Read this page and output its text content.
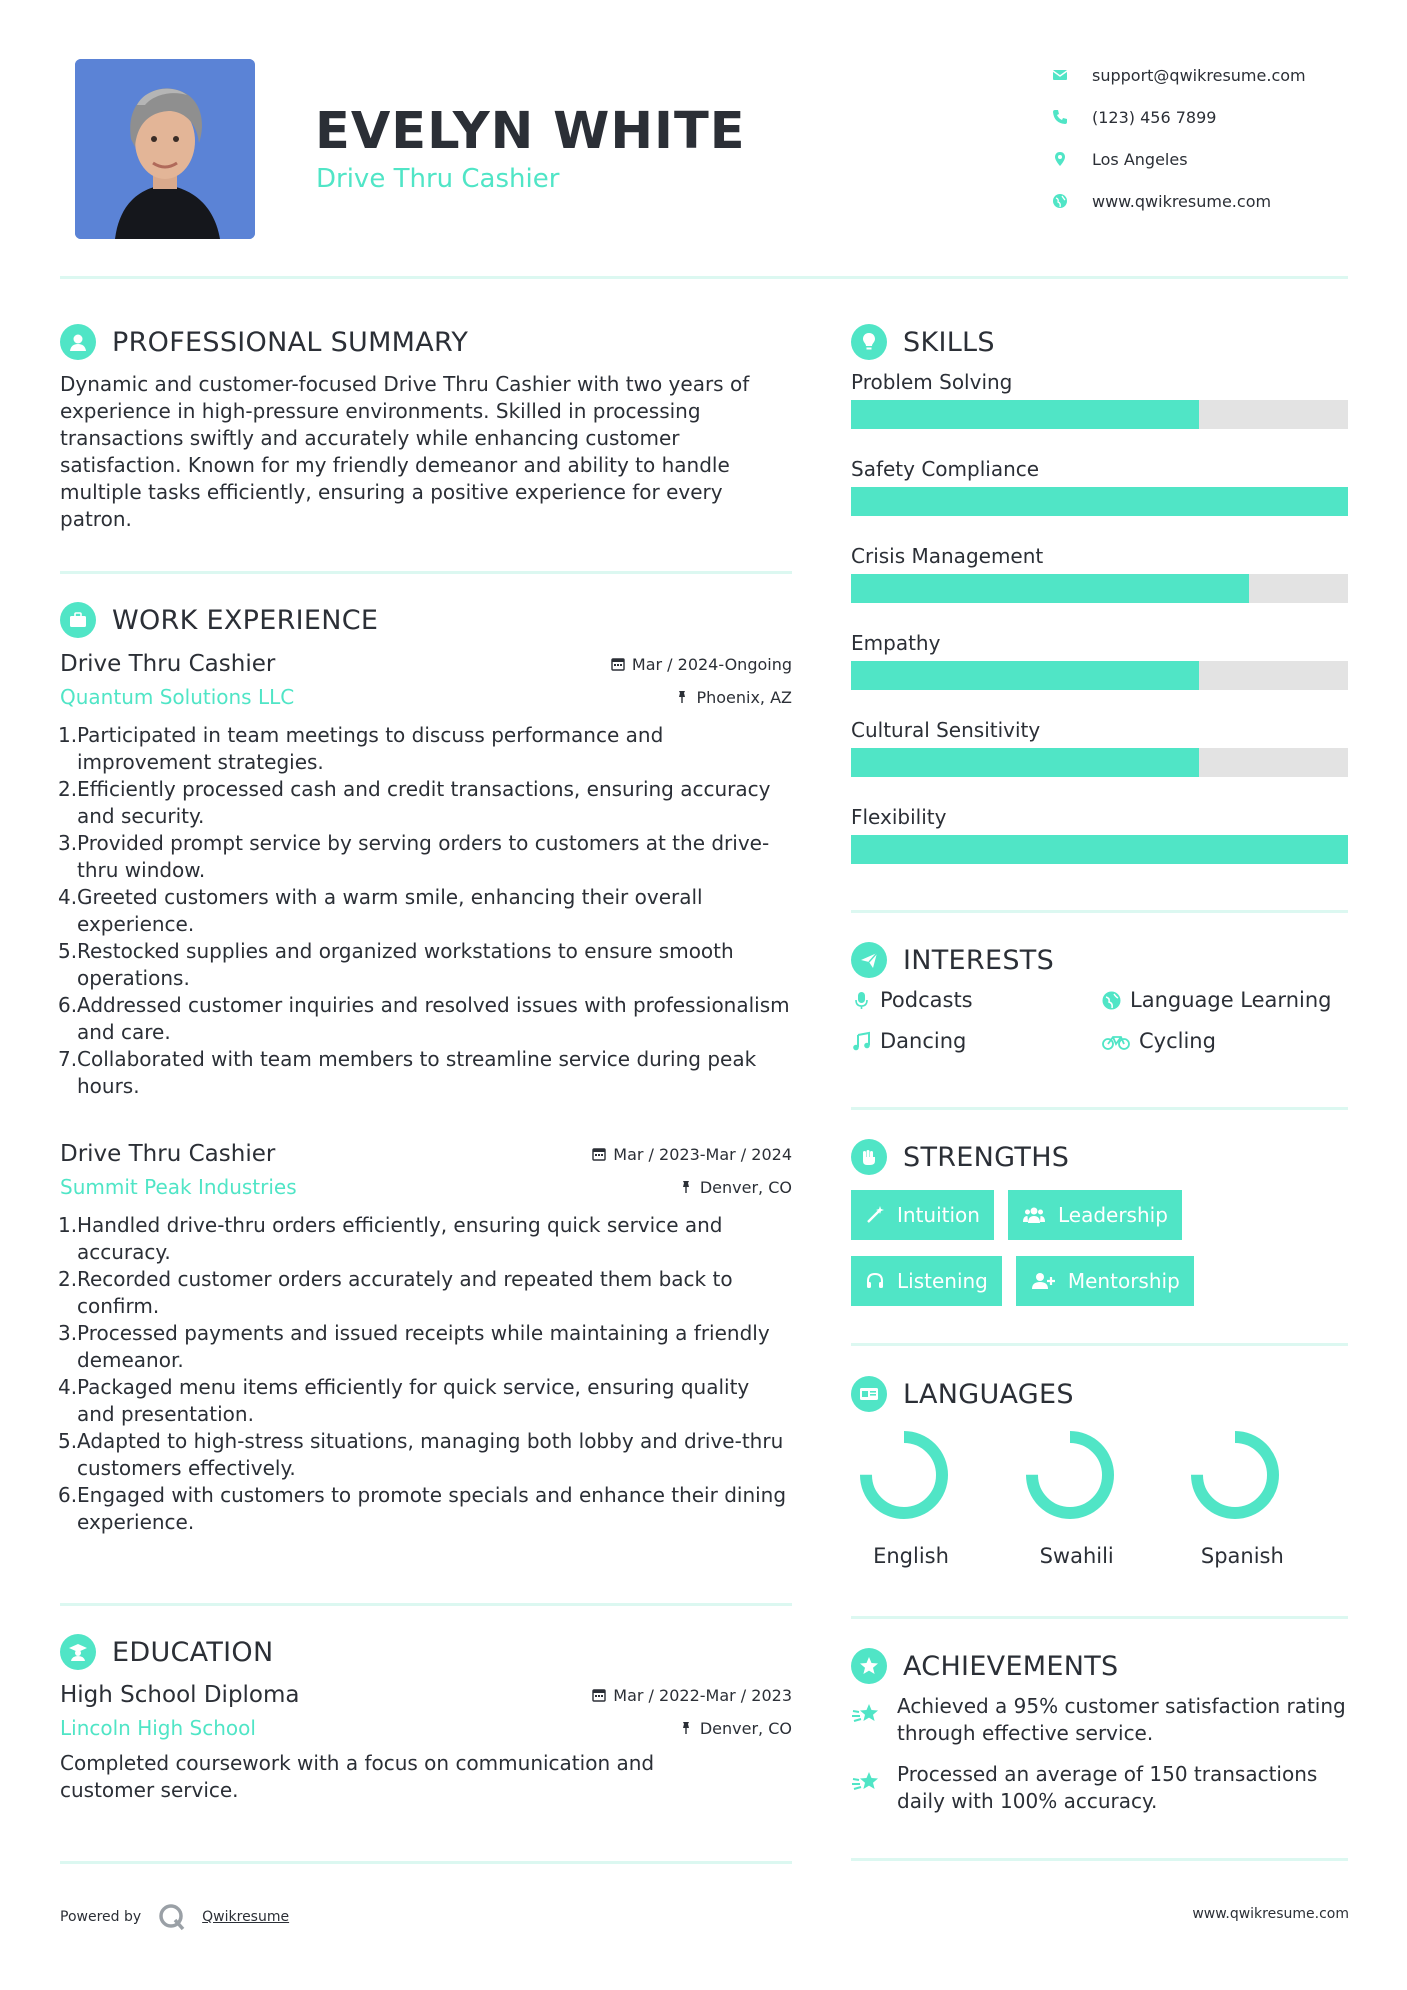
EVELYN WHITE
Drive Thru Cashier
support@qwikresume.com
(123) 456 7899
Los Angeles
www.qwikresume.com
PROFESSIONAL SUMMARY
Dynamic and customer-focused Drive Thru Cashier with two years of experience in high-pressure environments. Skilled in processing transactions swiftly and accurately while enhancing customer satisfaction. Known for my friendly demeanor and ability to handle multiple tasks efficiently, ensuring a positive experience for every patron.
WORK EXPERIENCE
Drive Thru Cashier	Mar / 2024-Ongoing
Quantum Solutions LLC	Phoenix, AZ
1. Participated in team meetings to discuss performance and improvement strategies.
2. Efficiently processed cash and credit transactions, ensuring accuracy and security.
3. Provided prompt service by serving orders to customers at the drive-thru window.
4. Greeted customers with a warm smile, enhancing their overall experience.
5. Restocked supplies and organized workstations to ensure smooth operations.
6. Addressed customer inquiries and resolved issues with professionalism and care.
7. Collaborated with team members to streamline service during peak hours.
Drive Thru Cashier	Mar / 2023-Mar / 2024
Summit Peak Industries	Denver, CO
1. Handled drive-thru orders efficiently, ensuring quick service and accuracy.
2. Recorded customer orders accurately and repeated them back to confirm.
3. Processed payments and issued receipts while maintaining a friendly demeanor.
4. Packaged menu items efficiently for quick service, ensuring quality and presentation.
5. Adapted to high-stress situations, managing both lobby and drive-thru customers effectively.
6. Engaged with customers to promote specials and enhance their dining experience.
EDUCATION
High School Diploma	Mar / 2022-Mar / 2023
Lincoln High School	Denver, CO
Completed coursework with a focus on communication and customer service.
SKILLS
Problem Solving
Safety Compliance
Crisis Management
Empathy
Cultural Sensitivity
Flexibility
INTERESTS
Podcasts	Language Learning
Dancing	Cycling
STRENGTHS
Intuition	Leadership
Listening	Mentorship
LANGUAGES
English	Swahili	Spanish
ACHIEVEMENTS
Achieved a 95% customer satisfaction rating through effective service.
Processed an average of 150 transactions daily with 100% accuracy.
Powered by	Qwikresume	www.qwikresume.com
